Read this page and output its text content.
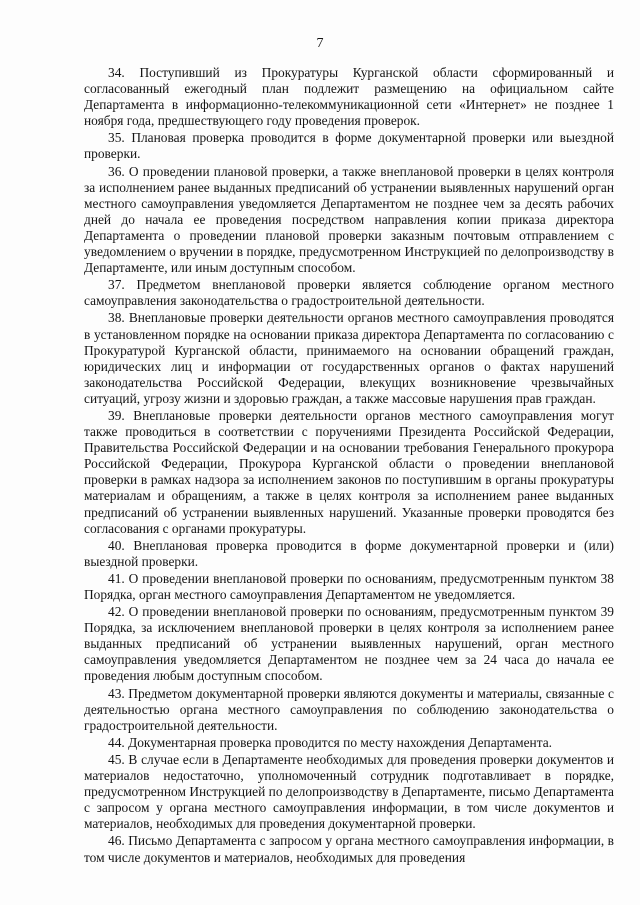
7

34. Поступивший из Прокуратуры Курганской области сформированный и согласованный ежегодный план подлежит размещению на официальном сайте Департамента в информационно-телекоммуникационной сети «Интернет» не позднее 1 ноября года, предшествующего году проведения проверок.

35. Плановая проверка проводится в форме документарной проверки или выездной проверки.

36. О проведении плановой проверки, а также внеплановой проверки в целях контроля за исполнением ранее выданных предписаний об устранении выявленных нарушений орган местного самоуправления уведомляется Департаментом не позднее чем за десять рабочих дней до начала ее проведения посредством направления копии приказа директора Департамента о проведении плановой проверки заказным почтовым отправлением с уведомлением о вручении в порядке, предусмотренном Инструкцией по делопроизводству в Департаменте, или иным доступным способом.

37. Предметом внеплановой проверки является соблюдение органом местного самоуправления законодательства о градостроительной деятельности.

38. Внеплановые проверки деятельности органов местного самоуправления проводятся в установленном порядке на основании приказа директора Департамента по согласованию с Прокуратурой Курганской области, принимаемого на основании обращений граждан, юридических лиц и информации от государственных органов о фактах нарушений законодательства Российской Федерации, влекущих возникновение чрезвычайных ситуаций, угрозу жизни и здоровью граждан, а также массовые нарушения прав граждан.

39. Внеплановые проверки деятельности органов местного самоуправления могут также проводиться в соответствии с поручениями Президента Российской Федерации, Правительства Российской Федерации и на основании требования Генерального прокурора Российской Федерации, Прокурора Курганской области о проведении внеплановой проверки в рамках надзора за исполнением законов по поступившим в органы прокуратуры материалам и обращениям, а также в целях контроля за исполнением ранее выданных предписаний об устранении выявленных нарушений. Указанные проверки проводятся без согласования с органами прокуратуры.

40. Внеплановая проверка проводится в форме документарной проверки и (или) выездной проверки.

41. О проведении внеплановой проверки по основаниям, предусмотренным пунктом 38 Порядка, орган местного самоуправления Департаментом не уведомляется.

42. О проведении внеплановой проверки по основаниям, предусмотренным пунктом 39 Порядка, за исключением внеплановой проверки в целях контроля за исполнением ранее выданных предписаний об устранении выявленных нарушений, орган местного самоуправления уведомляется Департаментом не позднее чем за 24 часа до начала ее проведения любым доступным способом.

43. Предметом документарной проверки являются документы и материалы, связанные с деятельностью органа местного самоуправления по соблюдению законодательства о градостроительной деятельности.

44. Документарная проверка проводится по месту нахождения Департамента.

45. В случае если в Департаменте необходимых для проведения проверки документов и материалов недостаточно, уполномоченный сотрудник подготавливает в порядке, предусмотренном Инструкцией по делопроизводству в Департаменте, письмо Департамента с запросом у органа местного самоуправления информации, в том числе документов и материалов, необходимых для проведения документарной проверки.

46. Письмо Департамента с запросом у органа местного самоуправления информации, в том числе документов и материалов, необходимых для проведения
